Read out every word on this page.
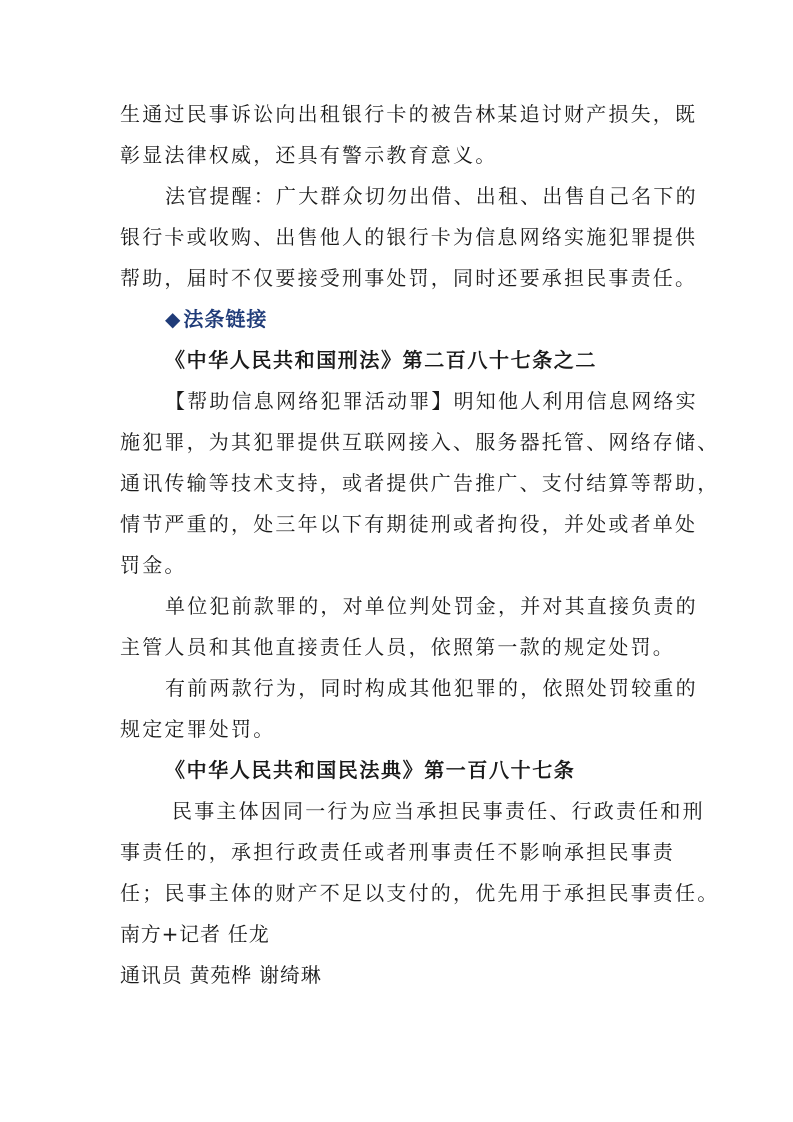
生通过民事诉讼向出租银行卡的被告林某追讨财产损失，既
彰显法律权威，还具有警示教育意义。
法官提醒：广大群众切勿出借、出租、出售自己名下的
银行卡或收购、出售他人的银行卡为信息网络实施犯罪提供
帮助，届时不仅要接受刑事处罚，同时还要承担民事责任。
◆ 法条链接
《中华人民共和国刑法》第二百八十七条之二
【帮助信息网络犯罪活动罪】明知他人利用信息网络实
施犯罪，为其犯罪提供互联网接入、服务器托管、网络存储、
通讯传输等技术支持，或者提供广告推广、支付结算等帮助，
情节严重的，处三年以下有期徒刑或者拘役，并处或者单处
罚金。
单位犯前款罪的，对单位判处罚金，并对其直接负责的
主管人员和其他直接责任人员，依照第一款的规定处罚。
有前两款行为，同时构成其他犯罪的，依照处罚较重的
规定定罪处罚。
《中华人民共和国民法典》第一百八十七条
民事主体因同一行为应当承担民事责任、行政责任和刑
事责任的，承担行政责任或者刑事责任不影响承担民事责
任；民事主体的财产不足以支付的，优先用于承担民事责任。
南方+记者 任龙
通讯员 黄苑桦 谢绮琳
